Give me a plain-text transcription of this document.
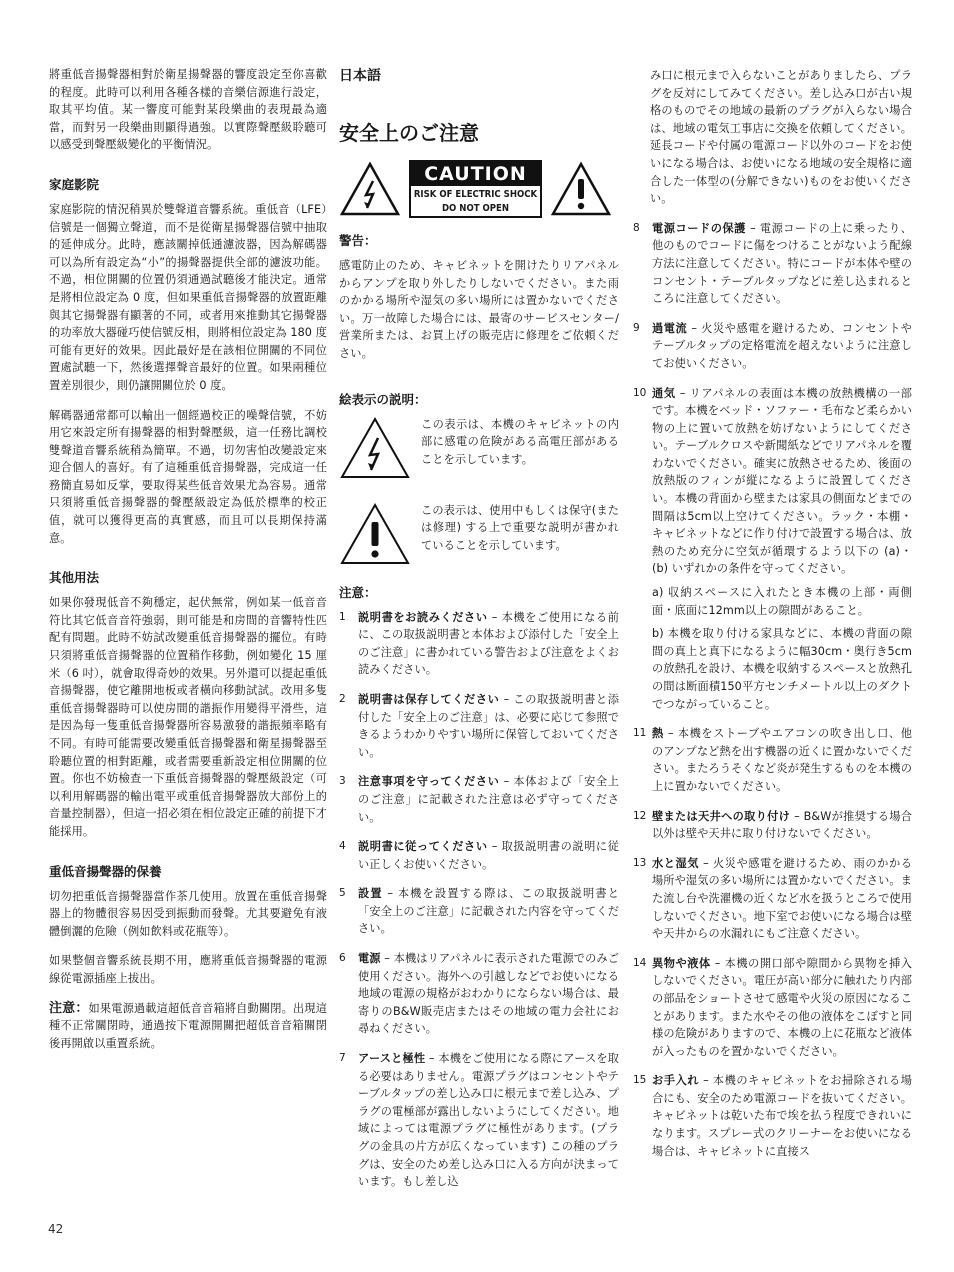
將重低音揚聲器相對於衛星揚聲器的響度設定至你喜歡的程度。此時可以利用各種各樣的音樂信源進行設定，取其平均值。某一響度可能對某段樂曲的表現最為適當，而對另一段樂曲則顯得過強。以實際聲壓級聆聽可以感受到聲壓級變化的平衡情況。

家庭影院

家庭影院的情況稍異於雙聲道音響系統。重低音（LFE）信號是一個獨立聲道，而不是從衛星揚聲器信號中抽取的延伸成分。此時，應該關掉低通濾波器，因為解碼器可以為所有設定為“小”的揚聲器提供全部的濾波功能。不過，相位開關的位置仍須通過試聽後才能決定。通常是將相位設定為 0 度，但如果重低音揚聲器的放置距離與其它揚聲器有顯著的不同，或者用來推動其它揚聲器的功率放大器碰巧使信號反相，則將相位設定為 180 度可能有更好的效果。因此最好是在該相位開關的不同位置處試聽一下，然後選擇聲音最好的位置。如果兩種位置差別很少，則仍讓開關位於 0 度。

解碼器通常都可以輸出一個經過校正的噪聲信號，不妨用它來設定所有揚聲器的相對聲壓級，這一任務比調校雙聲道音響系統稍為簡單。不過，切勿害怕改變設定來迎合個人的喜好。有了這種重低音揚聲器，完成這一任務簡直易如反掌，要取得某些低音效果尤為容易。通常只須將重低音揚聲器的聲壓級設定為低於標準的校正值，就可以獲得更高的真實感，而且可以長期保持滿意。

其他用法

如果你發現低音不夠穩定，起伏無常，例如某一低音音符比其它低音音符強弱，則可能是和房間的音響特性匹配有問題。此時不妨試改變重低音揚聲器的擺位。有時只須將重低音揚聲器的位置稍作移動，例如變化 15 厘米（6 吋），就會取得奇妙的效果。另外還可以提起重低音揚聲器，使它離開地板或者橫向移動試試。改用多隻重低音揚聲器時可以使房間的諧振作用變得平滑些，這是因為每一隻重低音揚聲器所容易激發的諧振頻率略有不同。有時可能需要改變重低音揚聲器和衛星揚聲器至聆聽位置的相對距離，或者需要重新設定相位開關的位置。你也不妨檢查一下重低音揚聲器的聲壓級設定（可以利用解碼器的輸出電平或重低音揚聲器放大部份上的音量控制器），但這一招必須在相位設定正確的前提下才能採用。

重低音揚聲器的保養

切勿把重低音揚聲器當作茶几使用。放置在重低音揚聲器上的物體很容易因受到振動而發聲。尤其要避免有液體倒灑的危險（例如飲料或花瓶等）。

如果整個音響系統長期不用，應將重低音揚聲器的電源線從電源插座上拔出。

注意：如果電源過載這超低音音箱將自動關閉。出現這種不正常關閉時，通過按下電源開關把超低音音箱關閉後再開啟以重置系統。

日本語
安全上のご注意
CAUTION
RISK OF ELECTRIC SHOCK
DO NOT OPEN
警告：

感電防止のため、キャビネットを開けたりリアパネルからアンプを取り外したりしないでください。また雨のかかる場所や湿気の多い場所には置かないでください。万一故障した場合には、最寄のサービスセンター/営業所または、お買上げの販売店に修理をご依頼ください。

絵表示の説明：

この表示は、本機のキャビネットの内部に感電の危険がある高電圧部があることを示しています。

この表示は、使用中もしくは保守(または修理) する上で重要な説明が書かれていることを示しています。

注意：
1	説明書をお読みください – 本機をご使用になる前に、この取扱説明書と本体および添付した「安全上のご注意」に書かれている警告および注意をよくお読みください。

2	説明書は保存してください – この取扱説明書と添付した「安全上のご注意」は、必要に応じて参照できるようわかりやすい場所に保管しておいてください。

3	注意事項を守ってください – 本体および「安全上のご注意」に記載された注意は必ず守ってください。

4	説明書に従ってください – 取扱説明書の説明に従い正しくお使いください。

5	設置 – 本機を設置する際は、この取扱説明書と「安全上のご注意」に記載された内容を守ってください。

6	電源 – 本機はリアパネルに表示された電源でのみご使用ください。海外への引越しなどでお使いになる地域の電源の規格がおわかりにならない場合は、最寄りのB&W販売店またはその地域の電力会社にお尋ねください。

7	アースと極性 – 本機をご使用になる際にアースを取る必要はありません。電源プラグはコンセントやテーブルタップの差し込み口に根元まで差し込み、プラグの電極部が露出しないようにしてください。地域によっては電源プラグに極性があります。(プラグの金具の片方が広くなっています) この種のプラグは、安全のため差し込み口に入る方向が決まっています。もし差し込

み口に根元まで入らないことがありましたら、プラグを反対にしてみてください。差し込み口が古い規格のものでその地域の最新のプラグが入らない場合は、地域の電気工事店に交換を依頼してください。延長コードや付属の電源コード以外のコードをお使いになる場合は、お使いになる地域の安全規格に適合した一体型の(分解できない)ものをお使いください。

8	電源コードの保護 – 電源コードの上に乗ったり、他のものでコードに傷をつけることがないよう配線方法に注意してください。特にコードが本体や壁のコンセント・テーブルタップなどに差し込まれるところに注意してください。

9	過電流 – 火災や感電を避けるため、コンセントやテーブルタップの定格電流を超えないように注意してお使いください。

10 通気 – リアパネルの表面は本機の放熱機構の一部です。本機をベッド・ソファー・毛布など柔らかい物の上に置いて放熱を妨げないようにしてください。テーブルクロスや新聞紙などでリアパネルを覆わないでください。確実に放熱させるため、後面の放熱版のフィンが縦になるように設置してください。本機の背面から壁または家具の側面などまでの間隔は5cm以上空けてください。ラック・本棚・キャビネットなどに作り付けで設置する場合は、放熱のため充分に空気が循環するよう以下の (a)・(b) いずれかの条件を守ってください。

a) 収納スペースに入れたとき本機の上部・両側面・底面に12mm以上の隙間があること。

b) 本機を取り付ける家具などに、本機の背面の隙間の真上と真下になるように幅30cm・奥行き5cmの放熱孔を設け、本機を収納するスペースと放熱孔の間は断面積150平方センチメートル以上のダクトでつながっていること。

11 熱 – 本機をストーブやエアコンの吹き出し口、他のアンプなど熱を出す機器の近くに置かないでください。またろうそくなど炎が発生するものを本機の上に置かないでください。

12 壁または天井への取り付け – B&Wが推奨する場合以外は壁や天井に取り付けないでください。

13 水と湿気 – 火災や感電を避けるため、雨のかかる場所や湿気の多い場所には置かないでください。また流し台や洗濯機の近くなど水を扱うところで使用しないでください。地下室でお使いになる場合は壁や天井からの水漏れにもご注意ください。

14 異物や液体 – 本機の開口部や隙間から異物を挿入しないでください。電圧が高い部分に触れたり内部の部品をショートさせて感電や火災の原因になることがあります。また水やその他の液体をこぼすと同様の危険がありますので、本機の上に花瓶など液体が入ったものを置かないでください。

15 お手入れ – 本機のキャビネットをお掃除される場合にも、安全のため電源コードを抜いてください。キャビネットは乾いた布で埃を払う程度できれいになります。スプレー式のクリーナーをお使いになる場合は、キャビネットに直接ス

42
